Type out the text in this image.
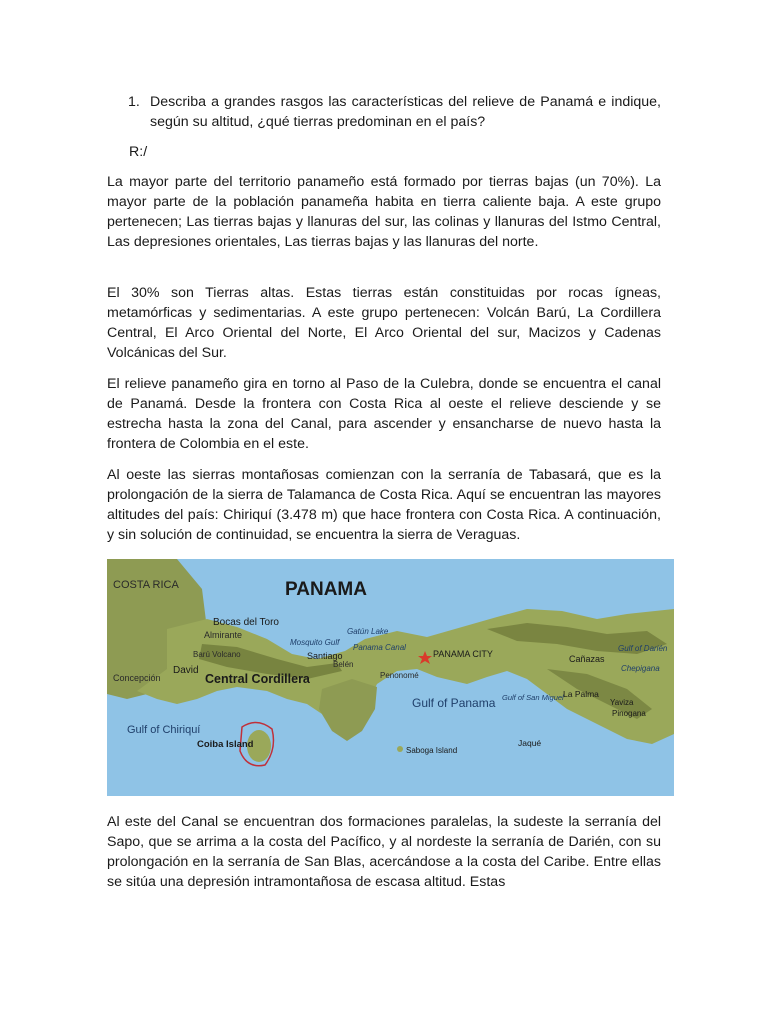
1. Describa a grandes rasgos las características del relieve de Panamá e indique, según su altitud, ¿qué tierras predominan en el país?
R:/

La mayor parte del territorio panameño está formado por tierras bajas (un 70%). La mayor parte de la población panameña habita en tierra caliente baja. A este grupo pertenecen; Las tierras bajas y llanuras del sur, las colinas y llanuras del Istmo Central, Las depresiones orientales, Las tierras bajas y las llanuras del norte.

El 30% son Tierras altas. Estas tierras están constituidas por rocas ígneas, metamórficas y sedimentarias. A este grupo pertenecen: Volcán Barú, La Cordillera Central, El Arco Oriental del Norte, El Arco Oriental del sur, Macizos y Cadenas Volcánicas del Sur.

El relieve panameño gira en torno al Paso de la Culebra, donde se encuentra el canal de Panamá. Desde la frontera con Costa Rica al oeste el relieve desciende y se estrecha hasta la zona del Canal, para ascender y ensancharse de nuevo hasta la frontera de Colombia en el este.

Al oeste las sierras montañosas comienzan con la serranía de Tabasará, que es la prolongación de la sierra de Talamanca de Costa Rica. Aquí se encuentran las mayores altitudes del país: Chiriquí (3.478 m) que hace frontera con Costa Rica. A continuación, y sin solución de continuidad, se encuentra la sierra de Veraguas.

PANAMA
COSTA RICA
Bocas del Toro
Almirante
Barú Volcano
David
Concepción
Mosquito Gulf
Santiago
Gatún Lake
Panama Canal
PANAMA CITY
Belén
Central Cordillera	Penonomé
Cañazas
Gulf of Darién
Chepigana
Gulf of Panama Gulf of San Miguel La Palma
Yaviza
Pinogana
Gulf of Chiriquí
Coiba Island
Saboga Island
Jaqué

Al este del Canal se encuentran dos formaciones paralelas, la sudeste la serranía del Sapo, que se arrima a la costa del Pacífico, y al nordeste la serranía de Darién, con su prolongación en la serranía de San Blas, acercándose a la costa del Caribe. Entre ellas se sitúa una depresión intramontañosa de escasa altitud. Estas
